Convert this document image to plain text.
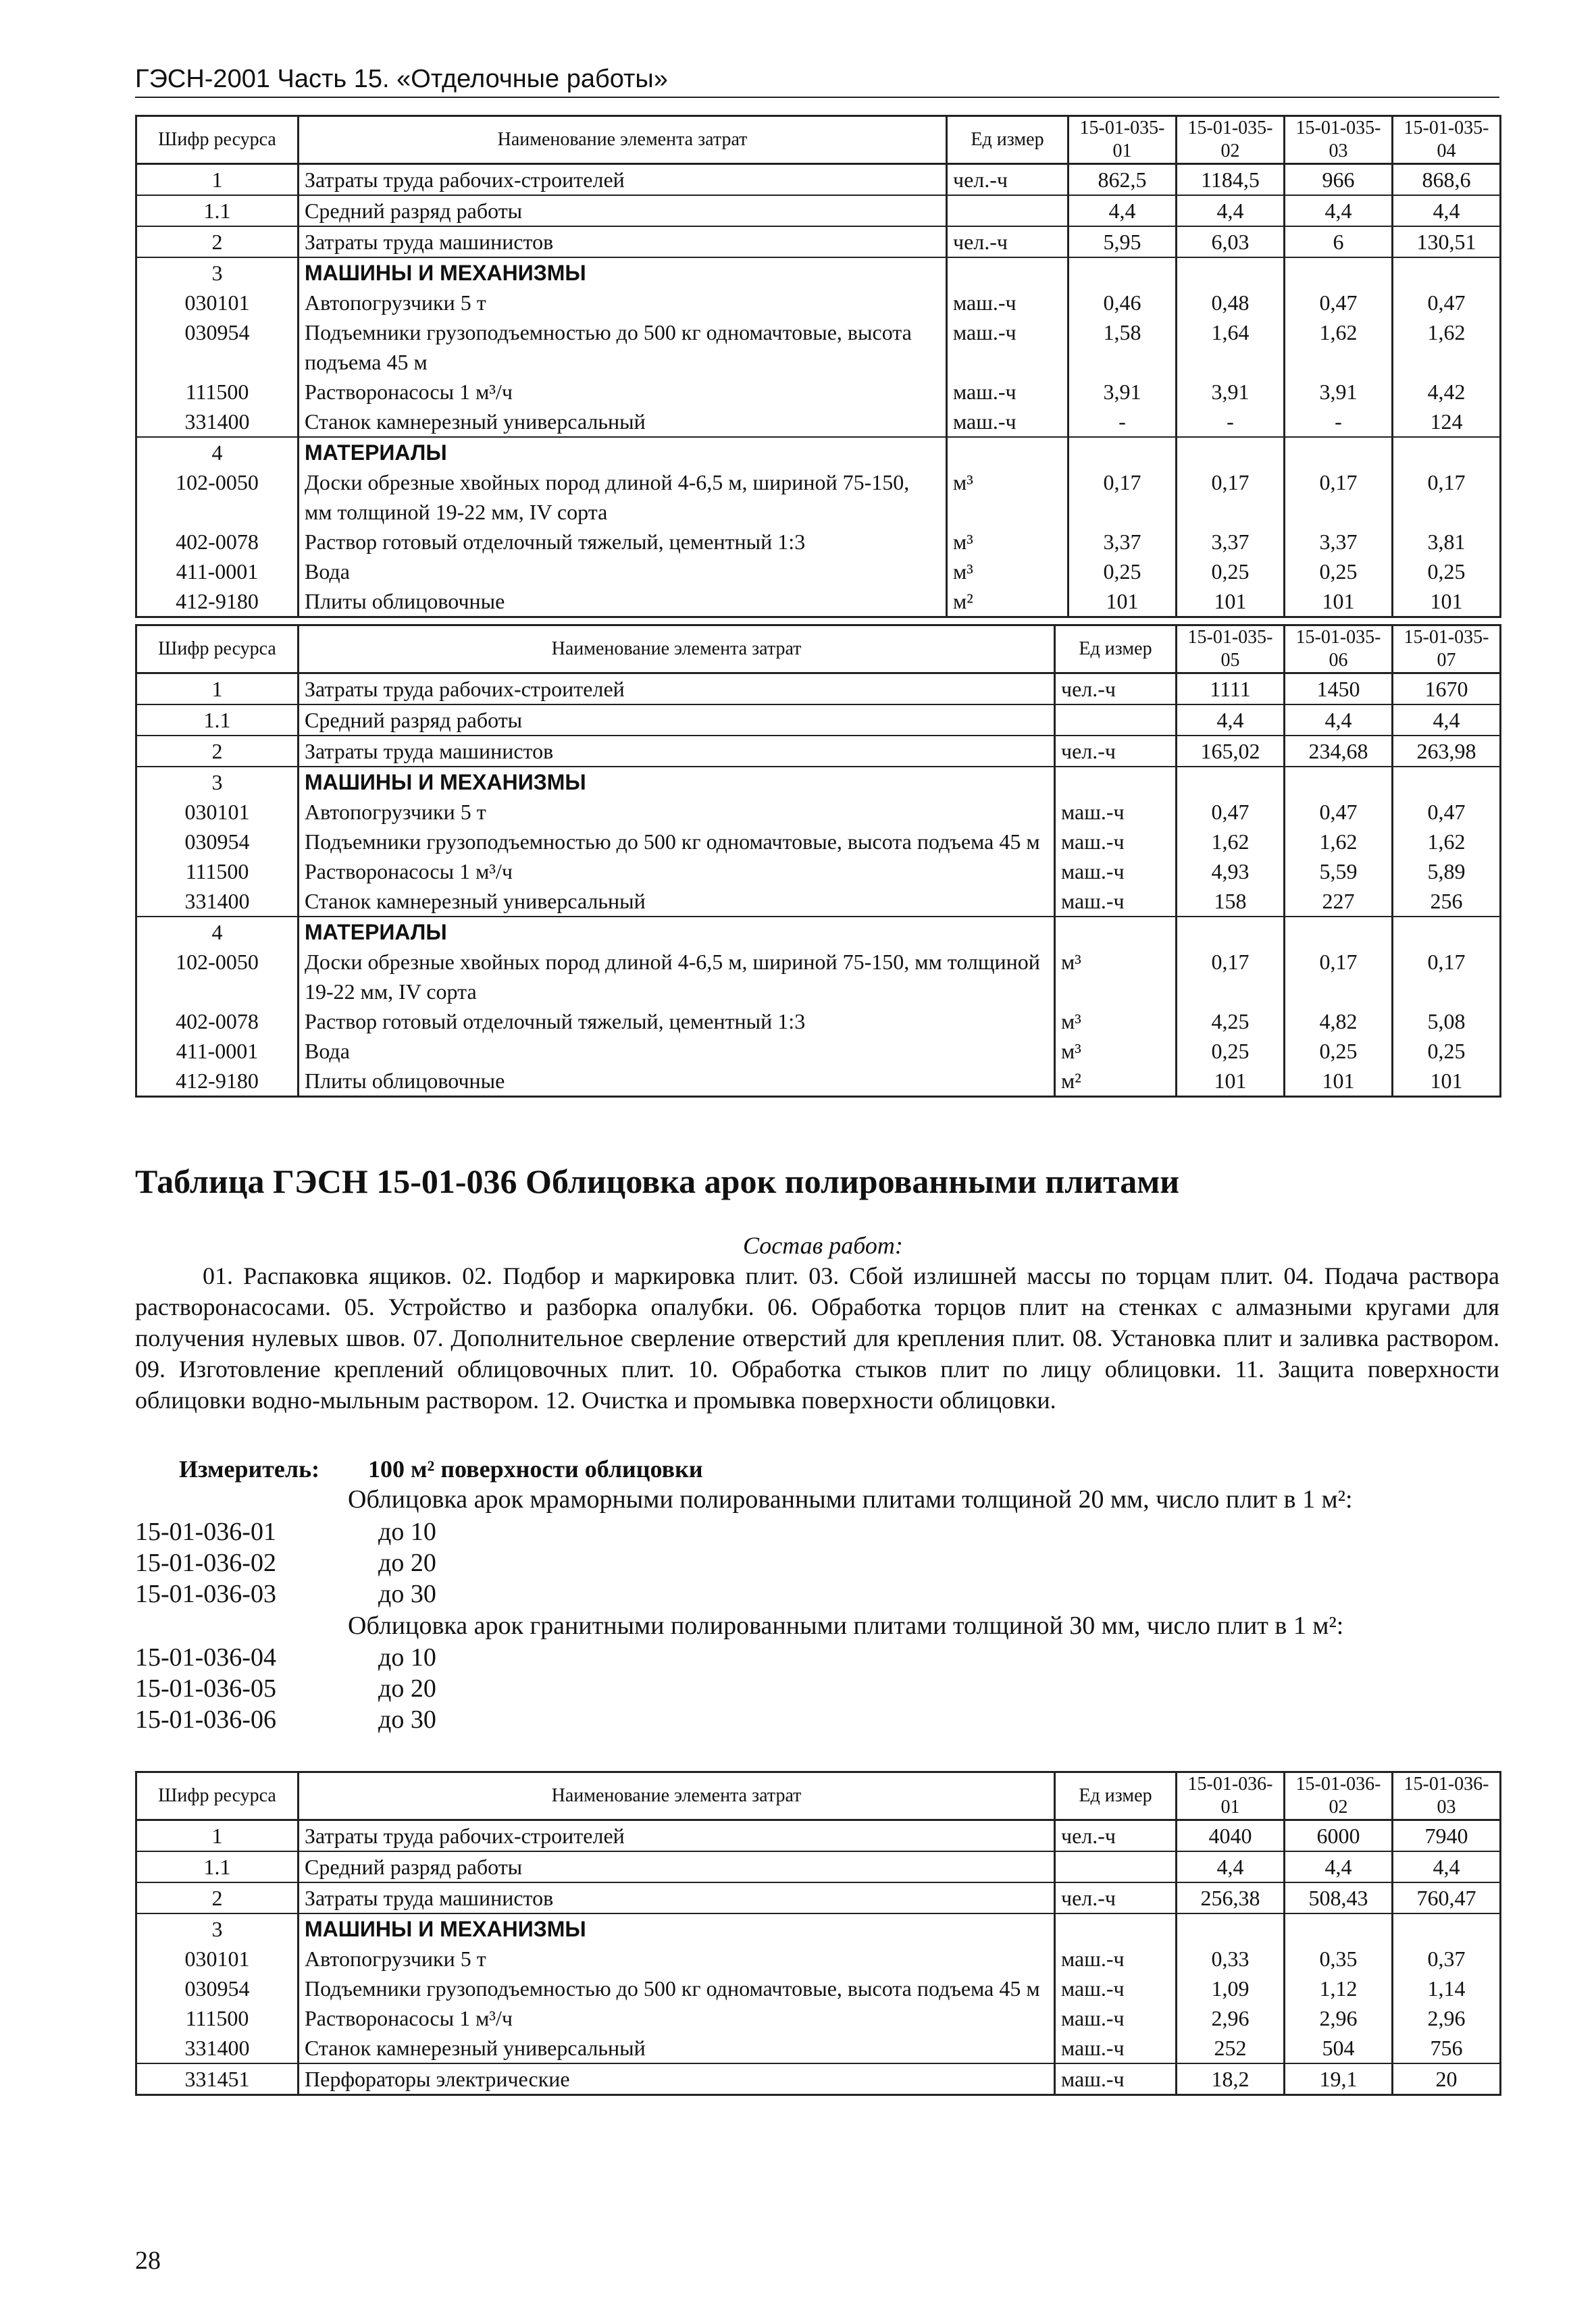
ГЭСН-2001 Часть 15. «Отделочные работы»
Шифр ресурса	Наименование элемента затрат	Ед измер	15-01-035-01	15-01-035-02	15-01-035-03	15-01-035-04
1	Затраты труда рабочих-строителей	чел.-ч	862,5	1184,5	966	868,6
1.1	Средний разряд работы		4,4	4,4	4,4	4,4
2	Затраты труда машинистов	чел.-ч	5,95	6,03	6	130,51
3	МАШИНЫ И МЕХАНИЗМЫ					
030101	Автопогрузчики 5 т	маш.-ч	0,46	0,48	0,47	0,47
030954	Подъемники грузоподъемностью до 500 кг одномачтовые, высота подъема 45 м	маш.-ч	1,58	1,64	1,62	1,62
111500	Растворонасосы 1 м³/ч	маш.-ч	3,91	3,91	3,91	4,42
331400	Станок камнерезный универсальный	маш.-ч	-	-	-	124
4	МАТЕРИАЛЫ					
102-0050	Доски обрезные хвойных пород длиной 4-6,5 м, шириной 75-150, мм толщиной 19-22 мм, IV сорта	м³	0,17	0,17	0,17	0,17
402-0078	Раствор готовый отделочный тяжелый, цементный 1:3	м³	3,37	3,37	3,37	3,81
411-0001	Вода	м³	0,25	0,25	0,25	0,25
412-9180	Плиты облицовочные	м²	101	101	101	101
Шифр ресурса	Наименование элемента затрат	Ед измер	15-01-035-05	15-01-035-06	15-01-035-07
1	Затраты труда рабочих-строителей	чел.-ч	1111	1450	1670
1.1	Средний разряд работы		4,4	4,4	4,4
2	Затраты труда машинистов	чел.-ч	165,02	234,68	263,98
3	МАШИНЫ И МЕХАНИЗМЫ				
030101	Автопогрузчики 5 т	маш.-ч	0,47	0,47	0,47
030954	Подъемники грузоподъемностью до 500 кг одномачтовые, высота подъема 45 м	маш.-ч	1,62	1,62	1,62
111500	Растворонасосы 1 м³/ч	маш.-ч	4,93	5,59	5,89
331400	Станок камнерезный универсальный	маш.-ч	158	227	256
4	МАТЕРИАЛЫ				
102-0050	Доски обрезные хвойных пород длиной 4-6,5 м, шириной 75-150, мм толщиной 19-22 мм, IV сорта	м³	0,17	0,17	0,17
402-0078	Раствор готовый отделочный тяжелый, цементный 1:3	м³	4,25	4,82	5,08
411-0001	Вода	м³	0,25	0,25	0,25
412-9180	Плиты облицовочные	м²	101	101	101
Таблица ГЭСН 15-01-036 Облицовка арок полированными плитами
Состав работ:
01. Распаковка ящиков. 02. Подбор и маркировка плит. 03. Сбой излишней массы по торцам плит. 04. Подача раствора растворонасосами. 05. Устройство и разборка опалубки. 06. Обработка торцов плит на стенках с алмазными кругами для получения нулевых швов. 07. Дополнительное сверление отверстий для крепления плит. 08. Установка плит и заливка раствором. 09. Изготовление креплений облицовочных плит. 10. Обработка стыков плит по лицу облицовки. 11. Защита поверхности облицовки водно-мыльным раствором. 12. Очистка и промывка поверхности облицовки.
Измеритель: 100 м² поверхности облицовки
Облицовка арок мраморными полированными плитами толщиной 20 мм, число плит в 1 м²:
15-01-036-01	до 10
15-01-036-02	до 20
15-01-036-03	до 30
Облицовка арок гранитными полированными плитами толщиной 30 мм, число плит в 1 м²:
15-01-036-04	до 10
15-01-036-05	до 20
15-01-036-06	до 30
Шифр ресурса	Наименование элемента затрат	Ед измер	15-01-036-01	15-01-036-02	15-01-036-03
1	Затраты труда рабочих-строителей	чел.-ч	4040	6000	7940
1.1	Средний разряд работы		4,4	4,4	4,4
2	Затраты труда машинистов	чел.-ч	256,38	508,43	760,47
3	МАШИНЫ И МЕХАНИЗМЫ				
030101	Автопогрузчики 5 т	маш.-ч	0,33	0,35	0,37
030954	Подъемники грузоподъемностью до 500 кг одномачтовые, высота подъема 45 м	маш.-ч	1,09	1,12	1,14
111500	Растворонасосы 1 м³/ч	маш.-ч	2,96	2,96	2,96
331400	Станок камнерезный универсальный	маш.-ч	252	504	756
331451	Перфораторы электрические	маш.-ч	18,2	19,1	20
28
